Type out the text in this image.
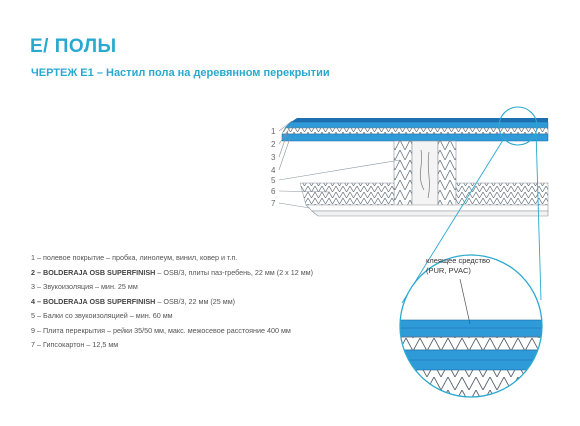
Е/ ПОЛЫ
ЧЕРТЕЖ Е1 – Настил пола на деревянном перекрытии
1
2
3
4
5
6
7
клеящее средство
(PUR, PVAC)
1 – полевое покрытие – пробка, линолеум, винил, ковер и т.п.
2 – BOLDERAJA OSB SUPERFINISH – OSB/3, плиты паз-гребень, 22 мм (2 x 12 мм)
3 – Звукоизоляция – мин. 25 мм
4 – BOLDERAJA OSB SUPERFINISH – OSB/3, 22 мм (25 мм)
5 – Балки со звукоизоляцией – мин. 60 мм
9 – Плита перекрытия – рейки 35/50 мм, макс. межосевое расстояние 400 мм
7 – Гипсокартон – 12,5 мм
